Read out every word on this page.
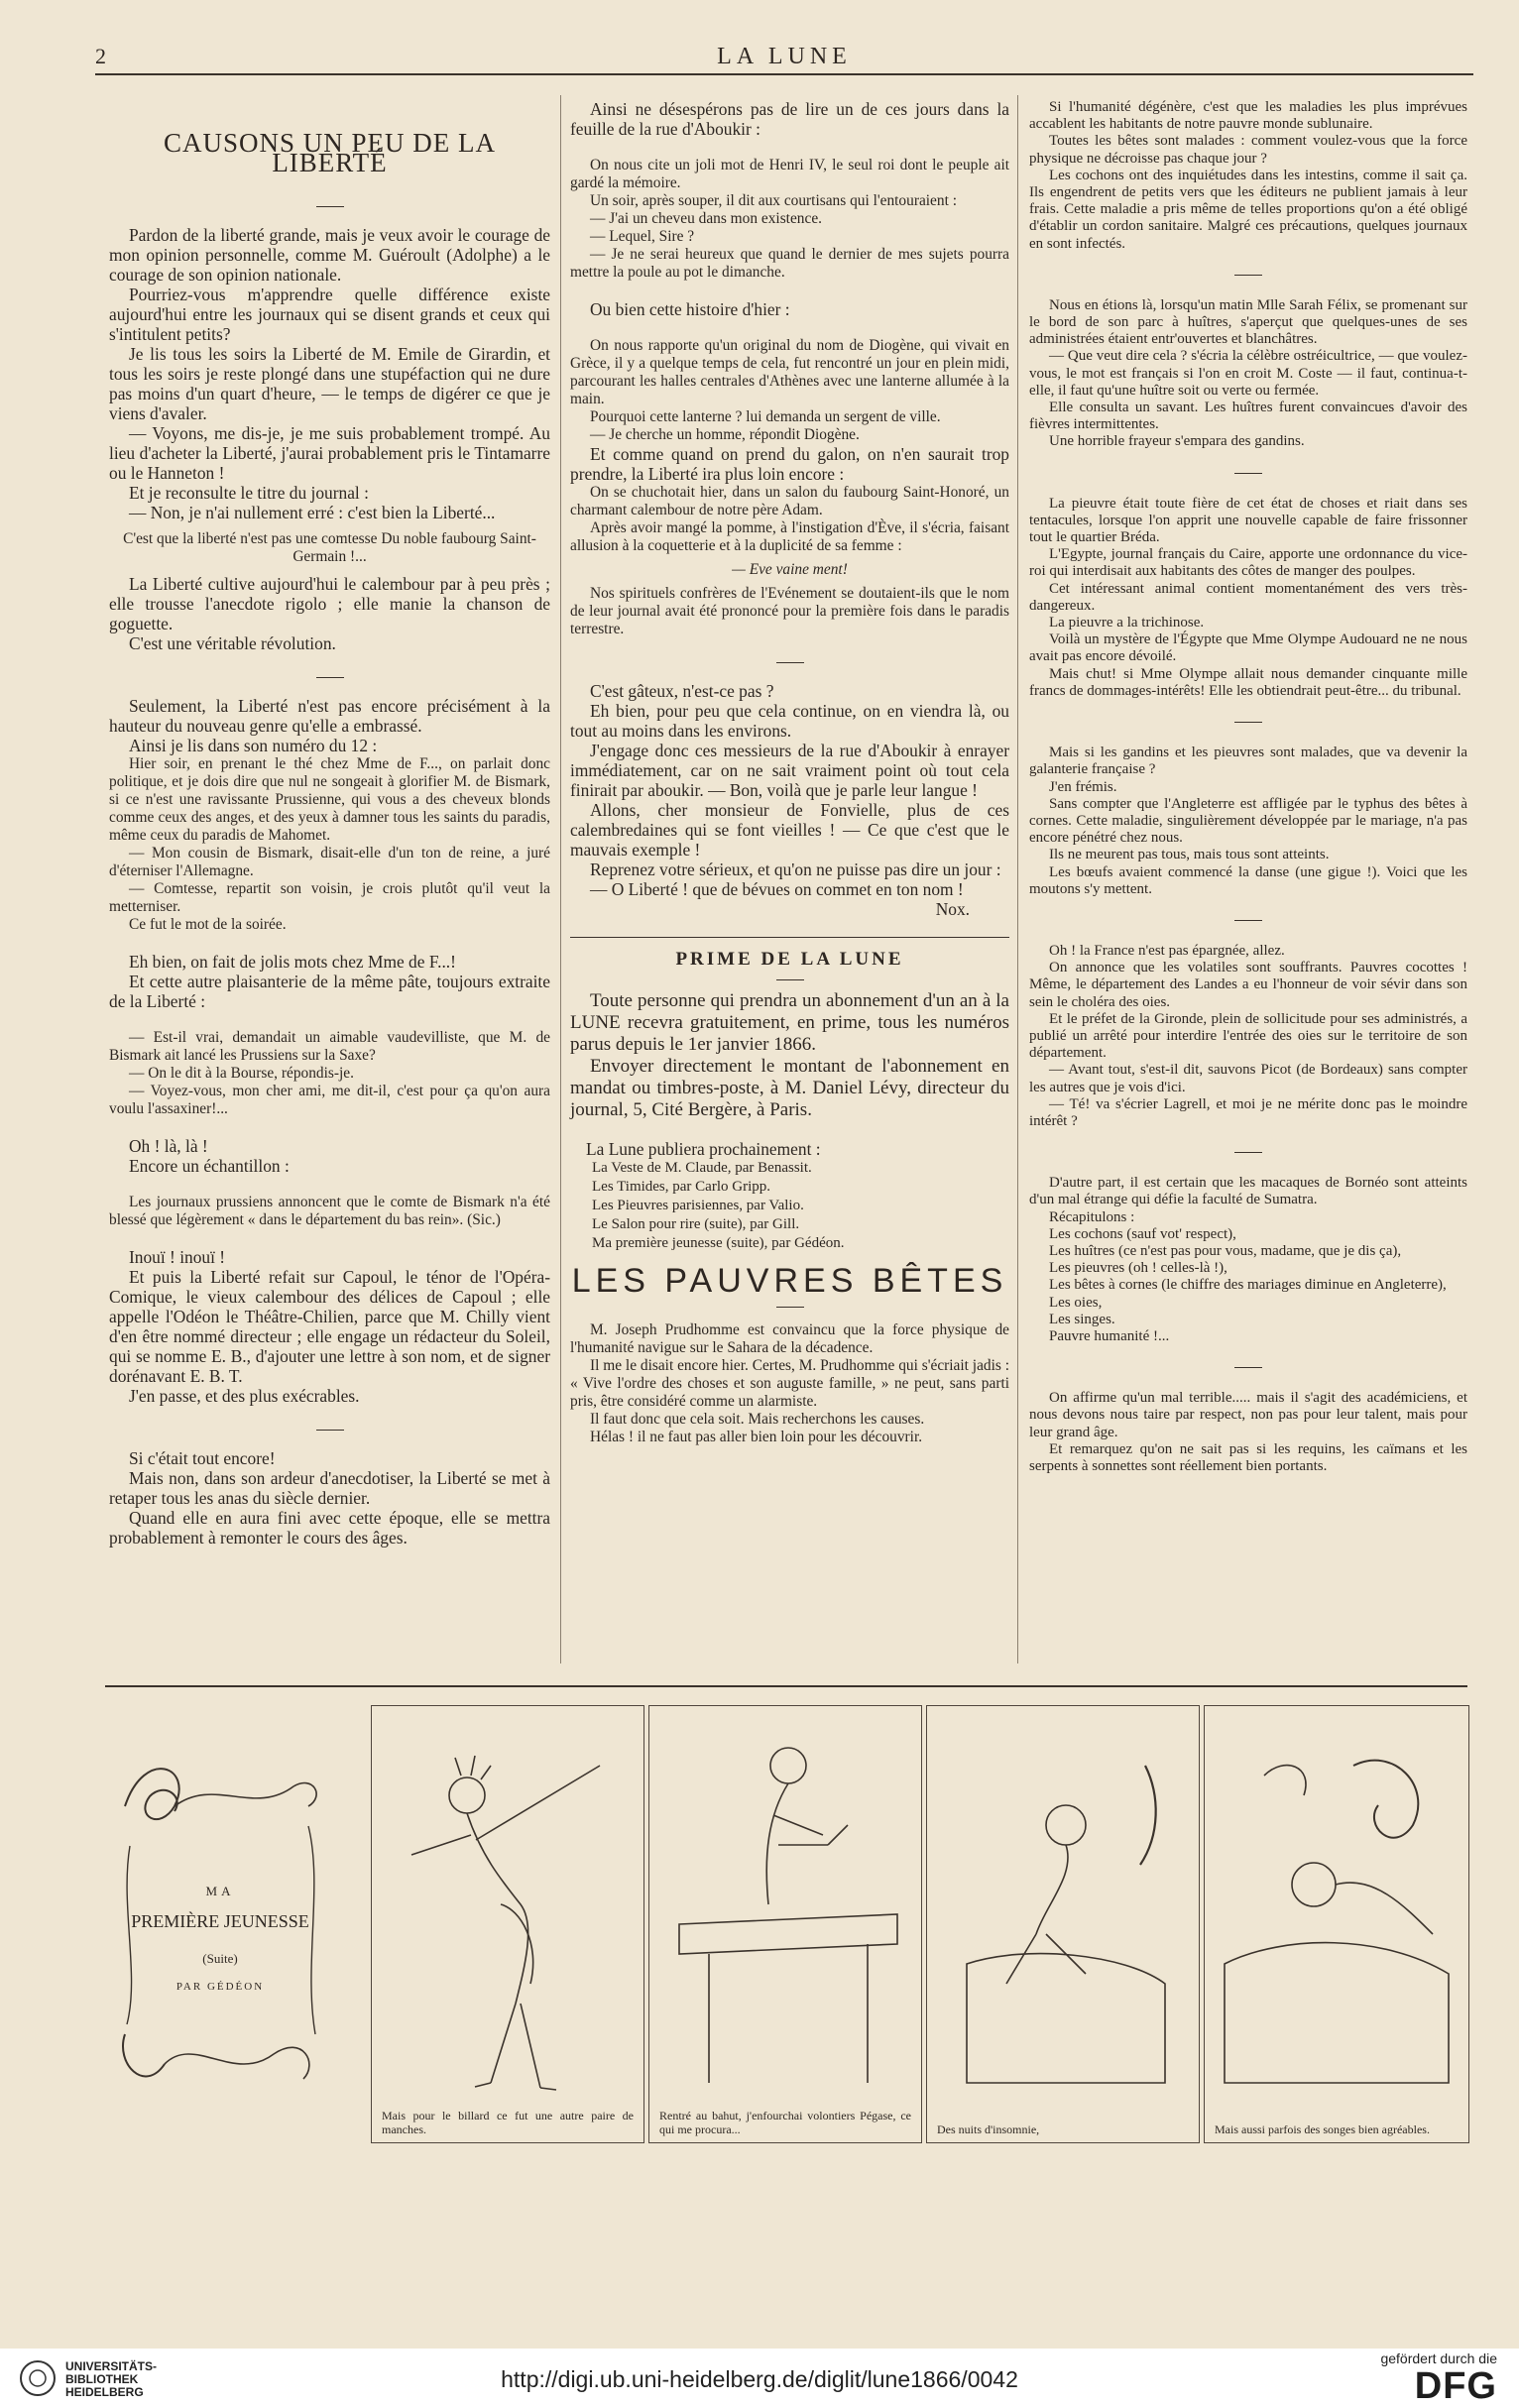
2	LA LUNE
CAUSONS UN PEU DE LA LIBERTÉ

Pardon de la liberté grande, mais je veux avoir le courage de mon opinion personnelle, comme M. Guéroult (Adolphe) a le courage de son opinion nationale.

Pourriez-vous m'apprendre quelle différence existe aujourd'hui entre les journaux qui se disent grands et ceux qui s'intitulent petits?

Je lis tous les soirs la Liberté de M. Emile de Girardin, et tous les soirs je reste plongé dans une stupéfaction qui ne dure pas moins d'un quart d'heure, — le temps de digérer ce que je viens d'avaler.

— Voyons, me dis-je, je me suis probablement trompé. Au lieu d'acheter la Liberté, j'aurai probablement pris le Tintamarre ou le Hanneton !

Et je reconsulte le titre du journal :

— Non, je n'ai nullement erré : c'est bien la Liberté...

C'est que la liberté n'est pas une comtesse Du noble faubourg Saint-Germain !...

La Liberté cultive aujourd'hui le calembour par à peu près ; elle trousse l'anecdote rigolo ; elle manie la chanson de goguette.

C'est une véritable révolution.

Seulement, la Liberté n'est pas encore précisément à la hauteur du nouveau genre qu'elle a embrassé.

Ainsi je lis dans son numéro du 12 :

Hier soir, en prenant le thé chez Mme de F..., on parlait donc politique, et je dois dire que nul ne songeait à glorifier M. de Bismark, si ce n'est une ravissante Prussienne, qui vous a des cheveux blonds comme ceux des anges, et des yeux à damner tous les saints du paradis, même ceux du paradis de Mahomet.

— Mon cousin de Bismark, disait-elle d'un ton de reine, a juré d'éterniser l'Allemagne.

— Comtesse, repartit son voisin, je crois plutôt qu'il veut la metterniser.

Ce fut le mot de la soirée.

Eh bien, on fait de jolis mots chez Mme de F...!

Et cette autre plaisanterie de la même pâte, toujours extraite de la Liberté :

— Est-il vrai, demandait un aimable vaudevilliste, que M. de Bismark ait lancé les Prussiens sur la Saxe?

— On le dit à la Bourse, répondis-je.

— Voyez-vous, mon cher ami, me dit-il, c'est pour ça qu'on aura voulu l'assaxiner!...

Oh ! là, là !

Encore un échantillon :

Les journaux prussiens annoncent que le comte de Bismark n'a été blessé que légèrement « dans le département du bas rein». (Sic.)

Inouï ! inouï !

Et puis la Liberté refait sur Capoul, le ténor de l'Opéra-Comique, le vieux calembour des délices de Capoul ; elle appelle l'Odéon le Théâtre-Chilien, parce que M. Chilly vient d'en être nommé directeur ; elle engage un rédacteur du Soleil, qui se nomme E. B., d'ajouter une lettre à son nom, et de signer dorénavant E. B. T.

J'en passe, et des plus exécrables.

Si c'était tout encore!

Mais non, dans son ardeur d'anecdotiser, la Liberté se met à retaper tous les anas du siècle dernier.

Quand elle en aura fini avec cette époque, elle se mettra probablement à remonter le cours des âges.

Ainsi ne désespérons pas de lire un de ces jours dans la feuille de la rue d'Aboukir :

On nous cite un joli mot de Henri IV, le seul roi dont le peuple ait gardé la mémoire.

Un soir, après souper, il dit aux courtisans qui l'entouraient :

— J'ai un cheveu dans mon existence.

— Lequel, Sire ?

— Je ne serai heureux que quand le dernier de mes sujets pourra mettre la poule au pot le dimanche.

Ou bien cette histoire d'hier :

On nous rapporte qu'un original du nom de Diogène, qui vivait en Grèce, il y a quelque temps de cela, fut rencontré un jour en plein midi, parcourant les halles centrales d'Athènes avec une lanterne allumée à la main.

Pourquoi cette lanterne ? lui demanda un sergent de ville.

— Je cherche un homme, répondit Diogène.

Et comme quand on prend du galon, on n'en saurait trop prendre, la Liberté ira plus loin encore :

On se chuchotait hier, dans un salon du faubourg Saint-Honoré, un charmant calembour de notre père Adam.

Après avoir mangé la pomme, à l'instigation d'Ève, il s'écria, faisant allusion à la coquetterie et à la duplicité de sa femme :

— Eve vaine ment!

Nos spirituels confrères de l'Evénement se doutaient-ils que le nom de leur journal avait été prononcé pour la première fois dans le paradis terrestre.

C'est gâteux, n'est-ce pas ?

Eh bien, pour peu que cela continue, on en viendra là, ou tout au moins dans les environs.

J'engage donc ces messieurs de la rue d'Aboukir à enrayer immédiatement, car on ne sait vraiment point où tout cela finirait par aboukir. — Bon, voilà que je parle leur langue !

Allons, cher monsieur de Fonvielle, plus de ces calembredaines qui se font vieilles ! — Ce que c'est que le mauvais exemple !

Reprenez votre sérieux, et qu'on ne puisse pas dire un jour :

— O Liberté ! que de bévues on commet en ton nom !

Nox.

PRIME DE LA LUNE

Toute personne qui prendra un abonnement d'un an à la LUNE recevra gratuitement, en prime, tous les numéros parus depuis le 1er janvier 1866.

Envoyer directement le montant de l'abonnement en mandat ou timbres-poste, à M. Daniel Lévy, directeur du journal, 5, Cité Bergère, à Paris.

La Lune publiera prochainement :

La Veste de M. Claude, par Benassit.

Les Timides, par Carlo Gripp.

Les Pieuvres parisiennes, par Valio.

Le Salon pour rire (suite), par Gill.

Ma première jeunesse (suite), par Gédéon.

LES PAUVRES BÊTES

M. Joseph Prudhomme est convaincu que la force physique de l'humanité navigue sur le Sahara de la décadence.

Il me le disait encore hier. Certes, M. Prudhomme qui s'écriait jadis : « Vive l'ordre des choses et son auguste famille, » ne peut, sans parti pris, être considéré comme un alarmiste.

Il faut donc que cela soit. Mais recherchons les causes.

Hélas ! il ne faut pas aller bien loin pour les découvrir.

Si l'humanité dégénère, c'est que les maladies les plus imprévues accablent les habitants de notre pauvre monde sublunaire.

Toutes les bêtes sont malades : comment voulez-vous que la force physique ne décroisse pas chaque jour ?

Les cochons ont des inquiétudes dans les intestins, comme il sait ça. Ils engendrent de petits vers que les éditeurs ne publient jamais à leur frais. Cette maladie a pris même de telles proportions qu'on a été obligé d'établir un cordon sanitaire. Malgré ces précautions, quelques journaux en sont infectés.

Nous en étions là, lorsqu'un matin Mlle Sarah Félix, se promenant sur le bord de son parc à huîtres, s'aperçut que quelques-unes de ses administrées étaient entr'ouvertes et blanchâtres.

— Que veut dire cela ? s'écria la célèbre ostréicultrice, — que voulez-vous, le mot est français si l'on en croit M. Coste — il faut, continua-t-elle, il faut qu'une huître soit ou verte ou fermée.

Elle consulta un savant. Les huîtres furent convaincues d'avoir des fièvres intermittentes.

Une horrible frayeur s'empara des gandins.

La pieuvre était toute fière de cet état de choses et riait dans ses tentacules, lorsque l'on apprit une nouvelle capable de faire frissonner tout le quartier Bréda.

L'Egypte, journal français du Caire, apporte une ordonnance du vice-roi qui interdisait aux habitants des côtes de manger des poulpes.

Cet intéressant animal contient momentanément des vers très-dangereux.

La pieuvre a la trichinose.

Voilà un mystère de l'Égypte que Mme Olympe Audouard ne ne nous avait pas encore dévoilé.

Mais chut! si Mme Olympe allait nous demander cinquante mille francs de dommages-intérêts! Elle les obtiendrait peut-être... du tribunal.

Mais si les gandins et les pieuvres sont malades, que va devenir la galanterie française ?

J'en frémis.

Sans compter que l'Angleterre est affligée par le typhus des bêtes à cornes. Cette maladie, singulièrement développée par le mariage, n'a pas encore pénétré chez nous.

Ils ne meurent pas tous, mais tous sont atteints.

Les bœufs avaient commencé la danse (une gigue !). Voici que les moutons s'y mettent.

Oh ! la France n'est pas épargnée, allez.

On annonce que les volatiles sont souffrants. Pauvres cocottes ! Même, le département des Landes a eu l'honneur de voir sévir dans son sein le choléra des oies.

Et le préfet de la Gironde, plein de sollicitude pour ses administrés, a publié un arrêté pour interdire l'entrée des oies sur le territoire de son département.

— Avant tout, s'est-il dit, sauvons Picot (de Bordeaux) sans compter les autres que je vois d'ici.

— Té! va s'écrier Lagrell, et moi je ne mérite donc pas le moindre intérêt ?

D'autre part, il est certain que les macaques de Bornéo sont atteints d'un mal étrange qui défie la faculté de Sumatra.

Récapitulons :

Les cochons (sauf vot' respect),

Les huîtres (ce n'est pas pour vous, madame, que je dis ça),

Les pieuvres (oh ! celles-là !),

Les bêtes à cornes (le chiffre des mariages diminue en Angleterre),

Les oies,

Les singes.

Pauvre humanité !...

On affirme qu'un mal terrible..... mais il s'agit des académiciens, et nous devons nous taire par respect, non pas pour leur talent, mais pour leur grand âge.

Et remarquez qu'on ne sait pas si les requins, les caïmans et les serpents à sonnettes sont réellement bien portants.

MA
PREMIÈRE JEUNESSE
(Suite)
PAR GÉDÉON
Mais pour le billard ce fut une autre paire de manches.
Rentré au bahut, j'enfourchai volontiers Pégase, ce qui me procura...	Des nuits d'insomnie,	Mais aussi parfois des songes bien agréables.
UNIVERSITÄTS-
BIBLIOTHEK
HEIDELBERG	http://digi.ub.uni-heidelberg.de/diglit/lune1866/0042
gefördert durch die
DFG
